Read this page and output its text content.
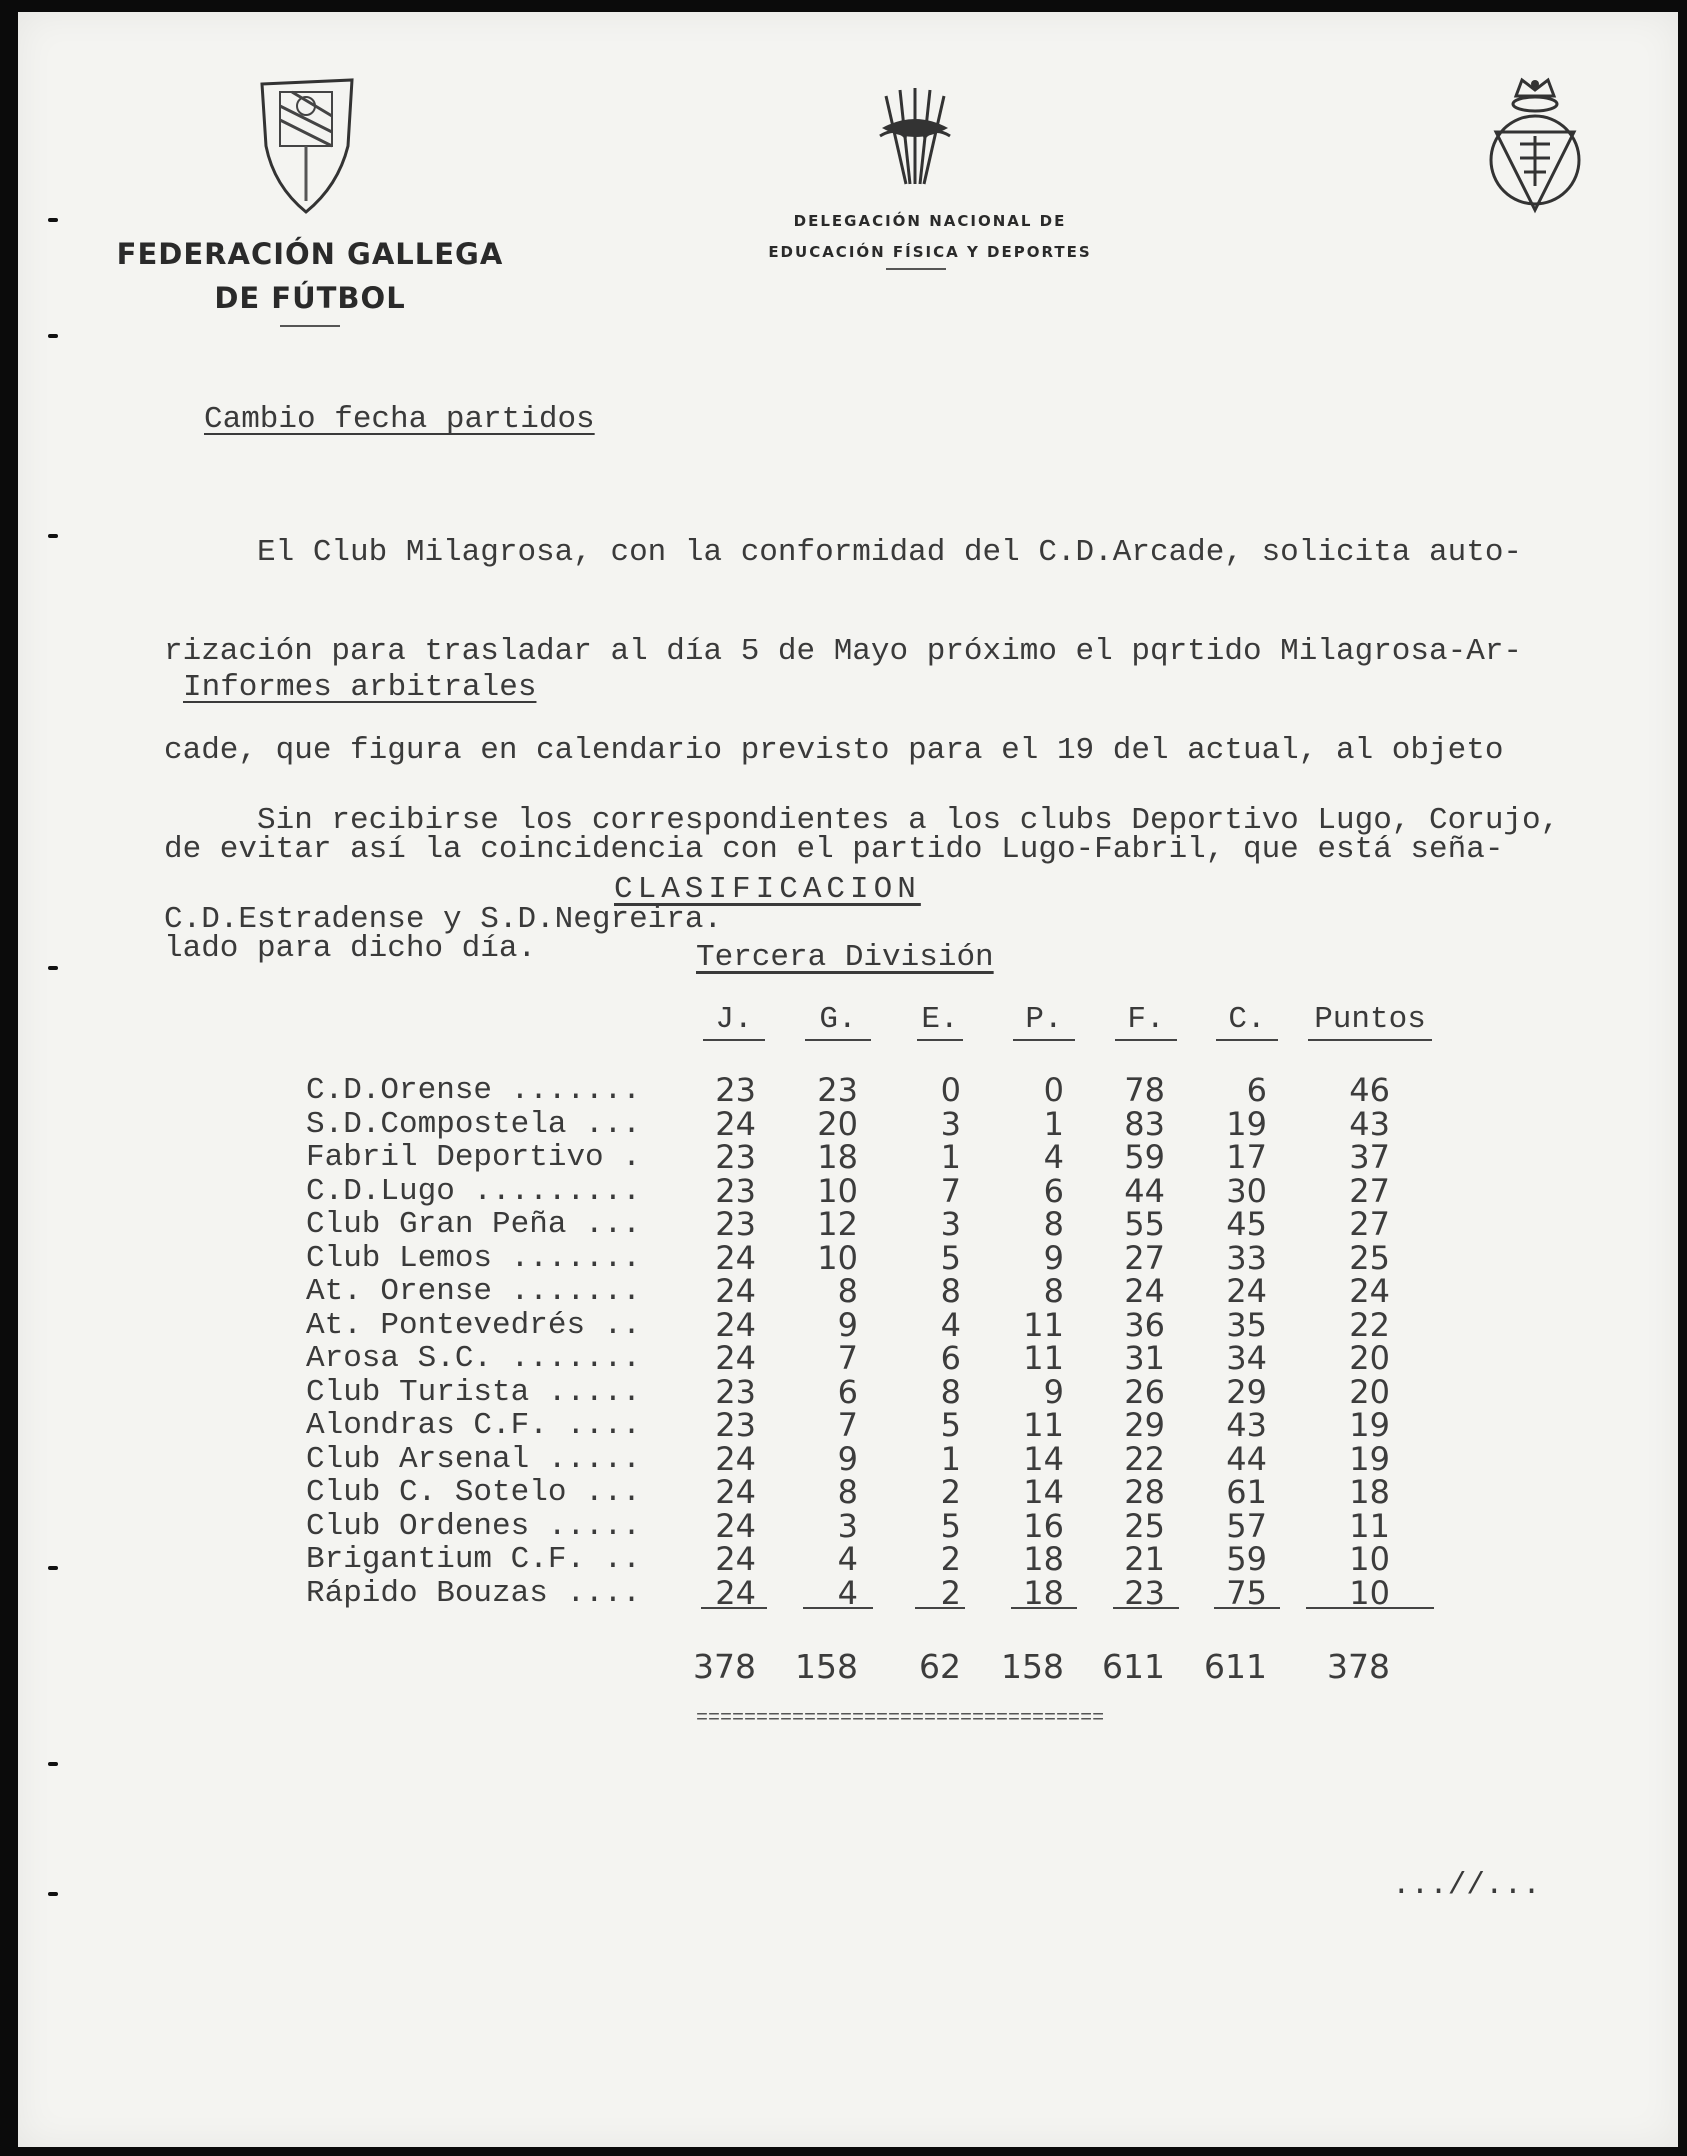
FEDERACIÓN GALLEGA
DE FÚTBOL
DELEGACIÓN NACIONAL DE
EDUCACIÓN FÍSICA Y DEPORTES
Cambio fecha partidos

El Club Milagrosa, con la conformidad del C.D.Arcade, solicita auto-

rización para trasladar al día 5 de Mayo próximo el pqrtido Milagrosa-Ar-

cade, que figura en calendario previsto para el 19 del actual, al objeto

de evitar así la coincidencia con el partido Lugo-Fabril, que está seña-

lado para dicho día.

Informes arbitrales

Sin recibirse los correspondientes a los clubs Deportivo Lugo, Corujo,

C.D.Estradense y S.D.Negreira.

CLASIFICACION
Tercera División
J.	G.	E.	P.	F.	C.	Puntos
C.D.Orense .......	23	23	0	0	78	6	46
S.D.Compostela ...	24	20	3	1	83	19	43
Fabril Deportivo .	23	18	1	4	59	17	37
C.D.Lugo .........	23	10	7	6	44	30	27
Club Gran Peña ...	23	12	3	8	55	45	27
Club Lemos .......	24	10	5	9	27	33	25
At. Orense .......	24	8	8	8	24	24	24
At. Pontevedrés ..	24	9	4	11	36	35	22
Arosa S.C. .......	24	7	6	11	31	34	20
Club Turista .....	23	6	8	9	26	29	20
Alondras C.F. ....	23	7	5	11	29	43	19
Club Arsenal .....	24	9	1	14	22	44	19
Club C. Sotelo ...	24	8	2	14	28	61	18
Club Ordenes .....	24	3	5	16	25	57	11
Brigantium C.F. ..	24	4	2	18	21	59	10
Rápido Bouzas ....	24	4	2	18	23	75	10
378	158	62	158	611	611	378
==================================
...//...
